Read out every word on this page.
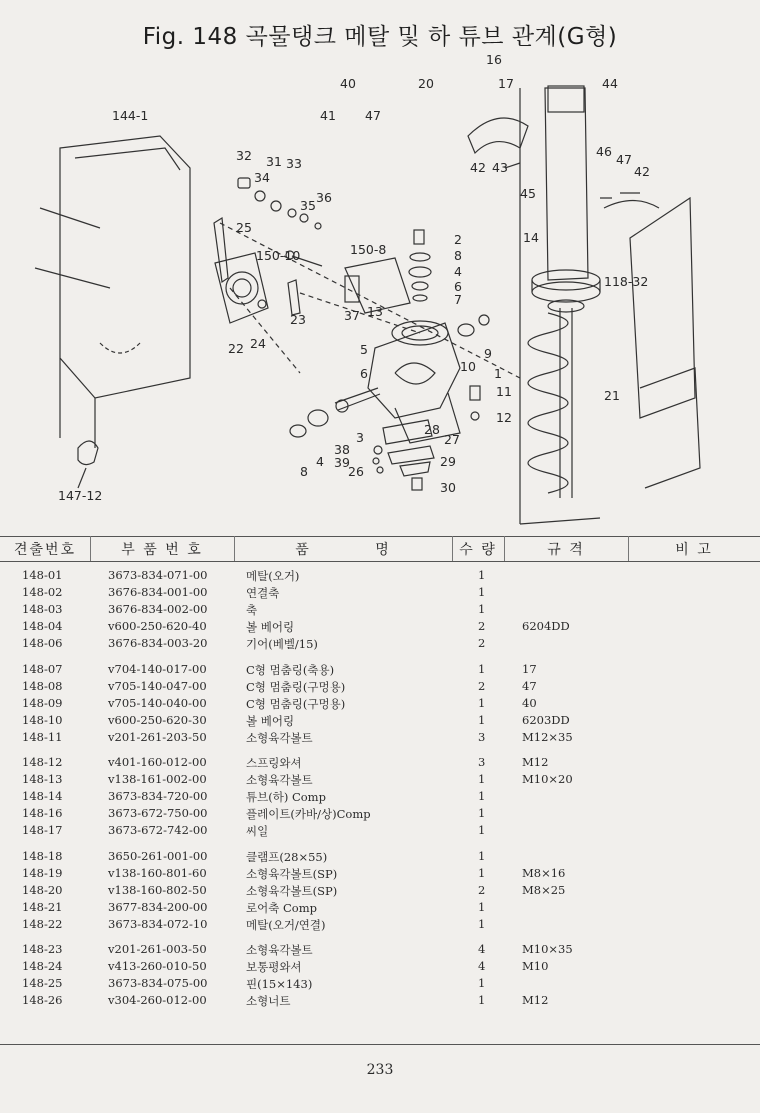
Fig. 148 곡물탱크 메탈 및 하 튜브 관계(G형)
16
17
20
40
41 47
44
144-1
42 43
45
46
47
42
32 31 33
34
35
36
25
2
8
4
6
7
14
150-10	150-8
118-32
37 13
23
22 24	5	9
6	10 1
11
12
21
3
28
27
38
39
26
29
4
8
30
147-12
견출번호	부 품 번 호	품          명	수 량	규 격	비 고
148-01	3673-834-071-00	메탈(오거)	1
148-02	3676-834-001-00	연결축	1
148-03	3676-834-002-00	축	1
148-04	v600-250-620-40	볼 베어링	2	6204DD
148-06	3676-834-003-20	기어(베벨/15)	2
148-07	v704-140-017-00	C형 멈춤링(축용)	1	17
148-08	v705-140-047-00	C형 멈춤링(구멍용)	2	47
148-09	v705-140-040-00	C형 멈춤링(구멍용)	1	40
148-10	v600-250-620-30	볼 베어링	1	6203DD
148-11	v201-261-203-50	소형육각볼트	3	M12×35
148-12	v401-160-012-00	스프링와셔	3	M12
148-13	v138-161-002-00	소형육각볼트	1	M10×20
148-14	3673-834-720-00	튜브(하) Comp	1
148-16	3673-672-750-00	플레이트(카바/상)Comp	1
148-17	3673-672-742-00	씨일	1
148-18	3650-261-001-00	클램프(28×55)	1
148-19	v138-160-801-60	소형육각볼트(SP)	1	M8×16
148-20	v138-160-802-50	소형육각볼트(SP)	2	M8×25
148-21	3677-834-200-00	로어축 Comp	1
148-22	3673-834-072-10	메탈(오거/연결)	1
148-23	v201-261-003-50	소형육각볼트	4	M10×35
148-24	v413-260-010-50	보통평와셔	4	M10
148-25	3673-834-075-00	핀(15×143)	1
148-26	v304-260-012-00	소형너트	1	M12
233
